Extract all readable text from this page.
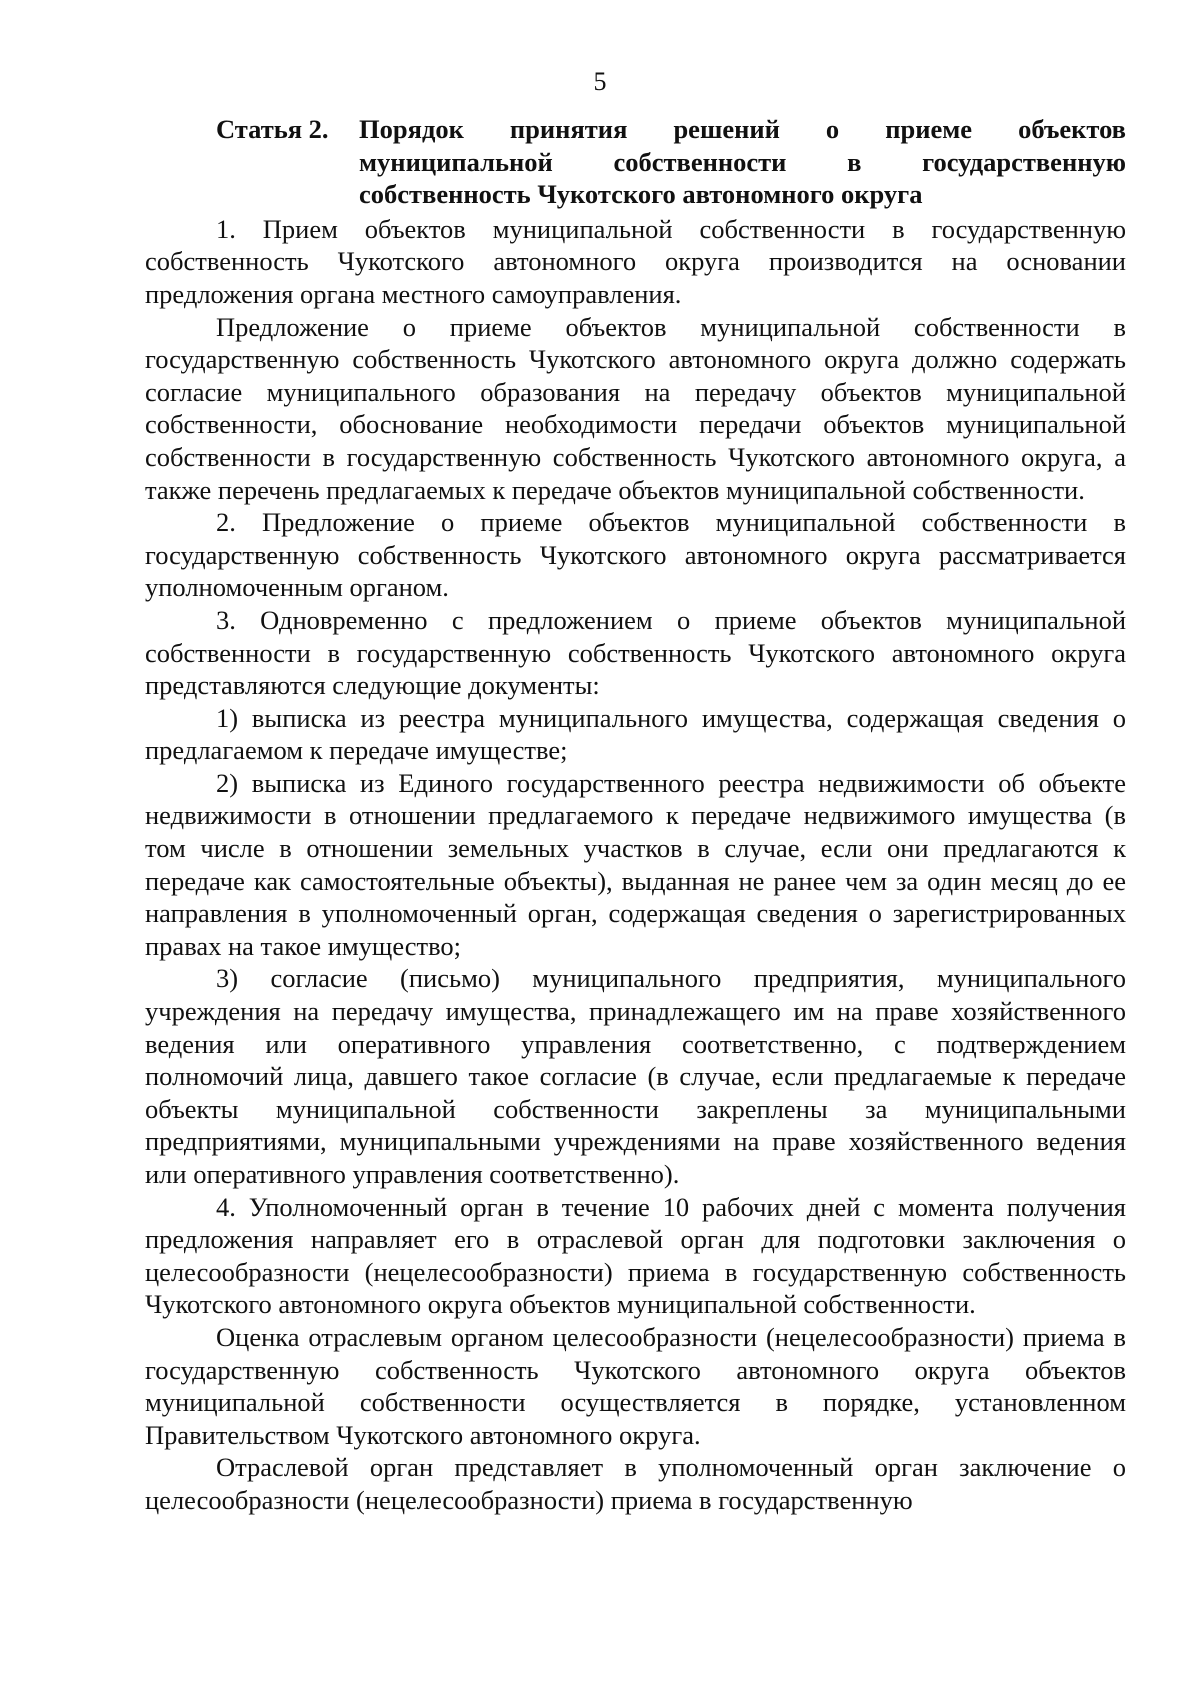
5
Статья 2.	Порядок принятия решений о приеме объектов
муниципальной собственности в государственную
собственность Чукотского автономного округа

1. Прием объектов муниципальной собственности в государственную собственность Чукотского автономного округа производится на основании предложения органа местного самоуправления.

Предложение о приеме объектов муниципальной собственности в государственную собственность Чукотского автономного округа должно содержать согласие муниципального образования на передачу объектов муниципальной собственности, обоснование необходимости передачи объектов муниципальной собственности в государственную собственность Чукотского автономного округа, а также перечень предлагаемых к передаче объектов муниципальной собственности.

2. Предложение о приеме объектов муниципальной собственности в государственную собственность Чукотского автономного округа рассматривается уполномоченным органом.

3. Одновременно с предложением о приеме объектов муниципальной собственности в государственную собственность Чукотского автономного округа представляются следующие документы:

1) выписка из реестра муниципального имущества, содержащая сведения о предлагаемом к передаче имуществе;

2) выписка из Единого государственного реестра недвижимости об объекте недвижимости в отношении предлагаемого к передаче недвижимого имущества (в том числе в отношении земельных участков в случае, если они предлагаются к передаче как самостоятельные объекты), выданная не ранее чем за один месяц до ее направления в уполномоченный орган, содержащая сведения о зарегистрированных правах на такое имущество;

3) согласие (письмо) муниципального предприятия, муниципального учреждения на передачу имущества, принадлежащего им на праве хозяйственного ведения или оперативного управления соответственно, с подтверждением полномочий лица, давшего такое согласие (в случае, если предлагаемые к передаче объекты муниципальной собственности закреплены за муниципальными предприятиями, муниципальными учреждениями на праве хозяйственного ведения или оперативного управления соответственно).

4. Уполномоченный орган в течение 10 рабочих дней с момента получения предложения направляет его в отраслевой орган для подготовки заключения о целесообразности (нецелесообразности) приема в государственную собственность Чукотского автономного округа объектов муниципальной собственности.

Оценка отраслевым органом целесообразности (нецелесообразности) приема в государственную собственность Чукотского автономного округа объектов муниципальной собственности осуществляется в порядке, установленном Правительством Чукотского автономного округа.

Отраслевой орган представляет в уполномоченный орган заключение о целесообразности (нецелесообразности) приема в государственную
